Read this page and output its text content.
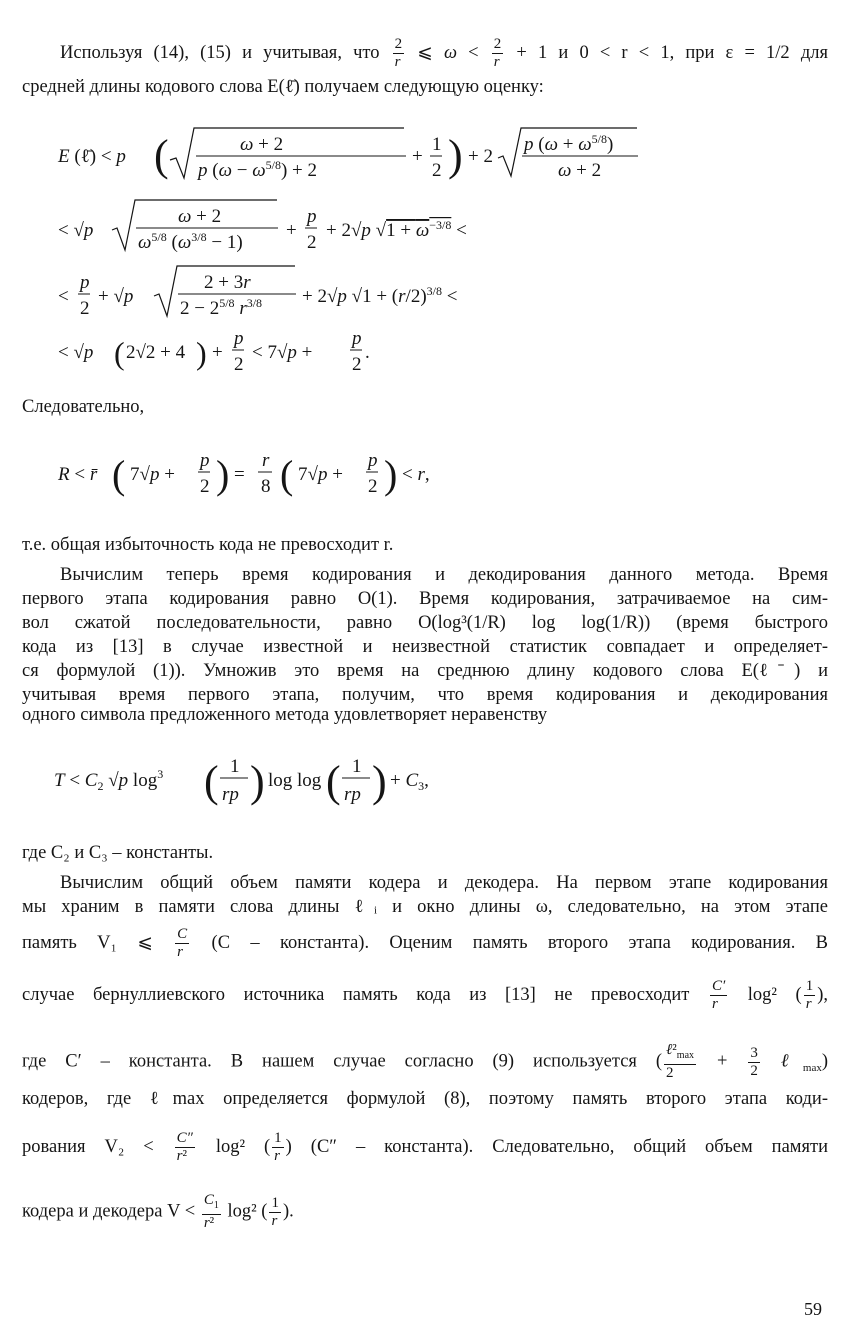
Используя (14), (15) и учитывая, что $\frac{2}{r}$ ⩽ $\omega < \frac{2}{r} + 1$ и 0 < r < 1, при ε = 1/2 для
средней длины кодового слова E(ℓ̄) получаем следующую оценку:
E (ℓ̄) < p (	ω + 2
p $(\omega - \omega^{5/8}) + 2$
+
1
2 ) + 2
p $(\omega + \omega^{5/8})$
ω + 2
< √p
ω + 2
$\omega^{5/8}$ $(\omega^{3/8} - 1)$
+
p
2
+ 2√p $√1 + \omega^{-3/8}$ <
<
p
2
+ √p
2 + 3r
$2 - 2^{5/8}$ $r^{3/8} + 2√p$ $√1 + (r/2)^{3/8}$ <
< √p ( 2√2 + 4 ) +
p
2
< 7√p +
p
2
.
Следовательно,
R < r̄ ( 7√p +
p
2 ) =
r
8 ( 7√p +
p
2 ) < r,
т.е. общая избыточность кода не превосходит r.
Вычислим теперь время кодирования и декодирования данного метода. Время
первого этапа кодирования равно O(1). Время кодирования, затрачиваемое на сим-
вол сжатой последовательности, равно O(log³(1/R) log log(1/R)) (время быстрого
кода из [13] в случае известной и неизвестной статистик совпадает и определяет-
ся формулой (1)). Умножив это время на среднюю длину кодового слова E(ℓ̄) и
учитывая время первого этапа, получим, что время кодирования и декодирования
одного символа предложенного метода удовлетворяет неравенству
$T < C_2$ √p $\log^3$ ( 1
rp ) log log ( 1
rp ) + $C_3$,
где C₂ и C₃ – константы.
Вычислим общий объем памяти кодера и декодера. На первом этапе кодирования
мы храним в памяти слова длины ℓᵢ и окно длины ω, следовательно, на этом этапе
память V₁ ⩽ $\frac{C}{r} (C$ – константа). Оценим память второго этапа кодирования. В
случае бернуллиевского источника память кода из [13] не превосходит $\frac{C'}{r} \log^2$ ( $\frac{1}{r}$ ),
где C′ – константа. В нашем случае согласно (9) используется (
$\ell^2_{max}$
2
+ $\frac{3}{2}$ ℓ$_{max}$)
кодеров, где ℓmax определяется формулой (8), поэтому память второго этапа коди-
рования $V_2 < \frac{C''}{\text{r²}} \log^2$ ( $\frac{1}{r}$ ) (C″ – константа). Следовательно, общий объем памяти
кодера и декодера $V < \frac{C_1}{\text{r²}} \log^2$ ( $\frac{1}{r}$ ).
59
